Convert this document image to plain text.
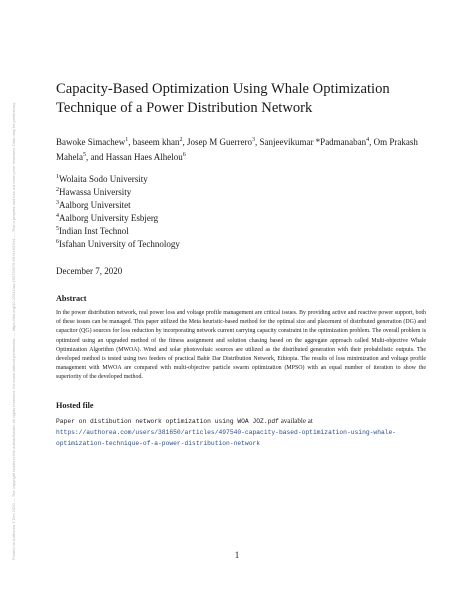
Posted on Authorea 7 Dec 2020 — The copyright holder is the author/funder. All rights reserved. No reuse without permission. — https://doi.org/10.22541/au.160733976.69741637/v1 — This a preprint and has not been peer reviewed. Data may be preliminary.
Capacity-Based Optimization Using Whale Optimization Technique of a Power Distribution Network
Bawoke Simachew$^1$, baseem khan$^2$, Josep M Guerrero$^3$, Sanjeevikumar *Padmanaban$^4$, Om Prakash Mahela$^5$, and Hassan Haes Alhelou$^6$
$^1$Wolaita Sodo University
$^2$Hawassa University
$^3$Aalborg Universitet
$^4$Aalborg University Esbjerg
$^5$Indian Inst Technol
$^6$Isfahan University of Technology
December 7, 2020
Abstract

In the power distribution network, real power loss and voltage profile management are critical issues. By providing active and reactive power support, both of these issues can be managed. This paper utilized the Meta heuristic-based method for the optimal size and placement of distributed generation (DG) and capacitor (QG) sources for loss reduction by incorporating network current carrying capacity constraint in the optimization problem. The overall problem is optimized using an upgraded method of the fitness assignment and solution chasing based on the aggregate approach called Multi-objective Whale Optimization Algorithm (MWOA). Wind and solar photovoltaic sources are utilized as the distributed generation with their probabilistic outputs. The developed method is tested using two feeders of practical Bahir Dar Distribution Network, Ethiopia. The results of loss minimization and voltage profile management with MWOA are compared with multi-objective particle swarm optimization (MPSO) with an equal number of iteration to show the superiority of the developed method.

Hosted file

Paper on distibution network optimization using WOA JOZ.pdf available at https://authorea.com/users/381650/articles/497540-capacity-based-optimization-using-whale-optimization-technique-of-a-power-distribution-network

1
